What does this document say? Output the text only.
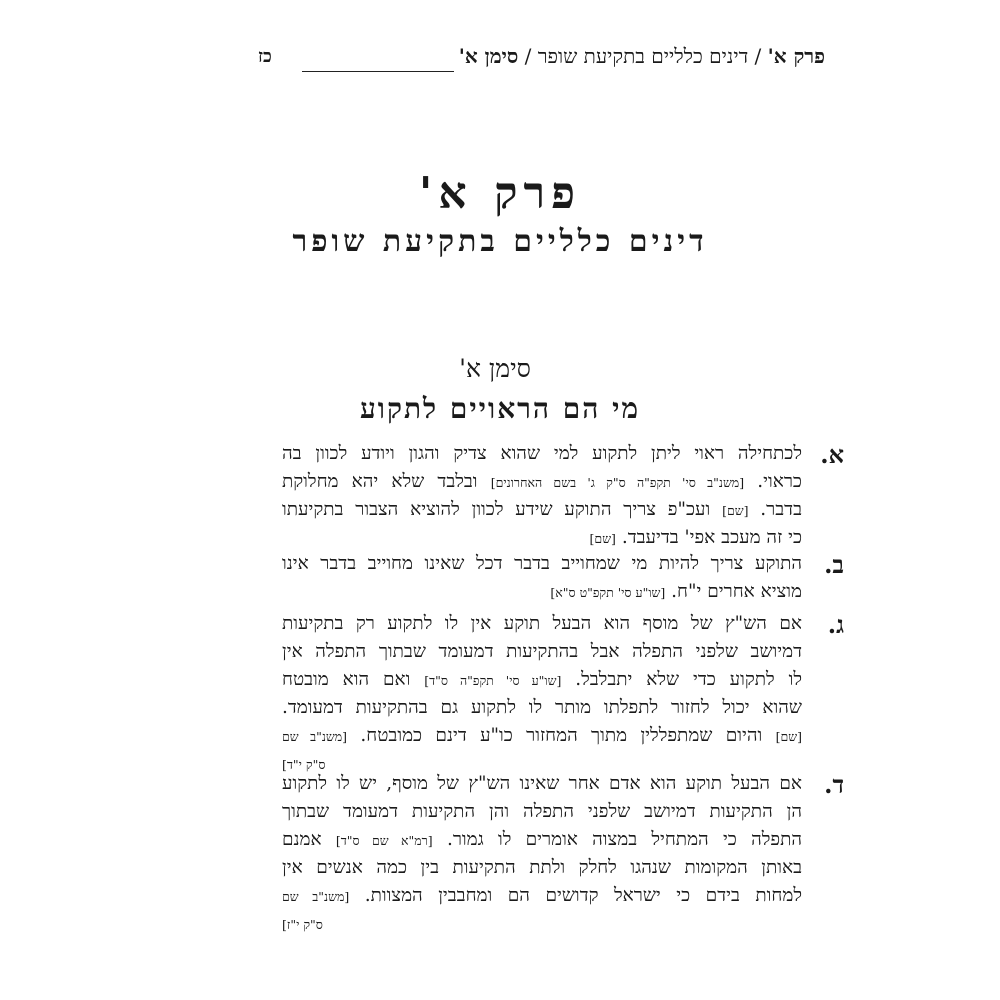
פרק א' / דינים כלליים בתקיעת שופר / סימן א'
כז
פרק א'
דינים כלליים בתקיעת שופר
סימן א'
מי הם הראויים לתקוע
א.
לכתחילה ראוי ליתן לתקוע למי שהוא צדיק והגון ויודע לכוון בה
כראוי. [משנ"ב סי' תקפ"ה ס"ק ג' בשם האחרונים] ובלבד שלא יהא מחלוקת
בדבר. [שם] ועכ"פ צריך התוקע שידע לכוון להוציא הצבור בתקיעתו
כי זה מעכב אפי' בדיעבד. [שם]
ב.
התוקע צריך להיות מי שמחוייב בדבר דכל שאינו מחוייב בדבר אינו
מוציא אחרים י"ח. [שו"ע סי' תקפ"ט ס"א]
ג.
אם הש"ץ של מוסף הוא הבעל תוקע אין לו לתקוע רק בתקיעות
דמיושב שלפני התפלה אבל בהתקיעות דמעומד שבתוך התפלה אין
לו לתקוע כדי שלא יתבלבל. [שו"ע סי' תקפ"ה ס"ד] ואם הוא מובטח
שהוא יכול לחזור לתפלתו מותר לו לתקוע גם בהתקיעות דמעומד.
[שם] והיום שמתפללין מתוך המחזור כו"ע דינם כמובטח. [משנ"ב שם
ס"ק י"ד]
ד.
אם הבעל תוקע הוא אדם אחר שאינו הש"ץ של מוסף, יש לו לתקוע
הן התקיעות דמיושב שלפני התפלה והן התקיעות דמעומד שבתוך
התפלה כי המתחיל במצוה אומרים לו גמור. [רמ"א שם ס"ד] אמנם
באותן המקומות שנהגו לחלק ולתת התקיעות בין כמה אנשים אין
למחות בידם כי ישראל קדושים הם ומחבבין המצוות. [משנ"ב שם
ס"ק י"ז]
